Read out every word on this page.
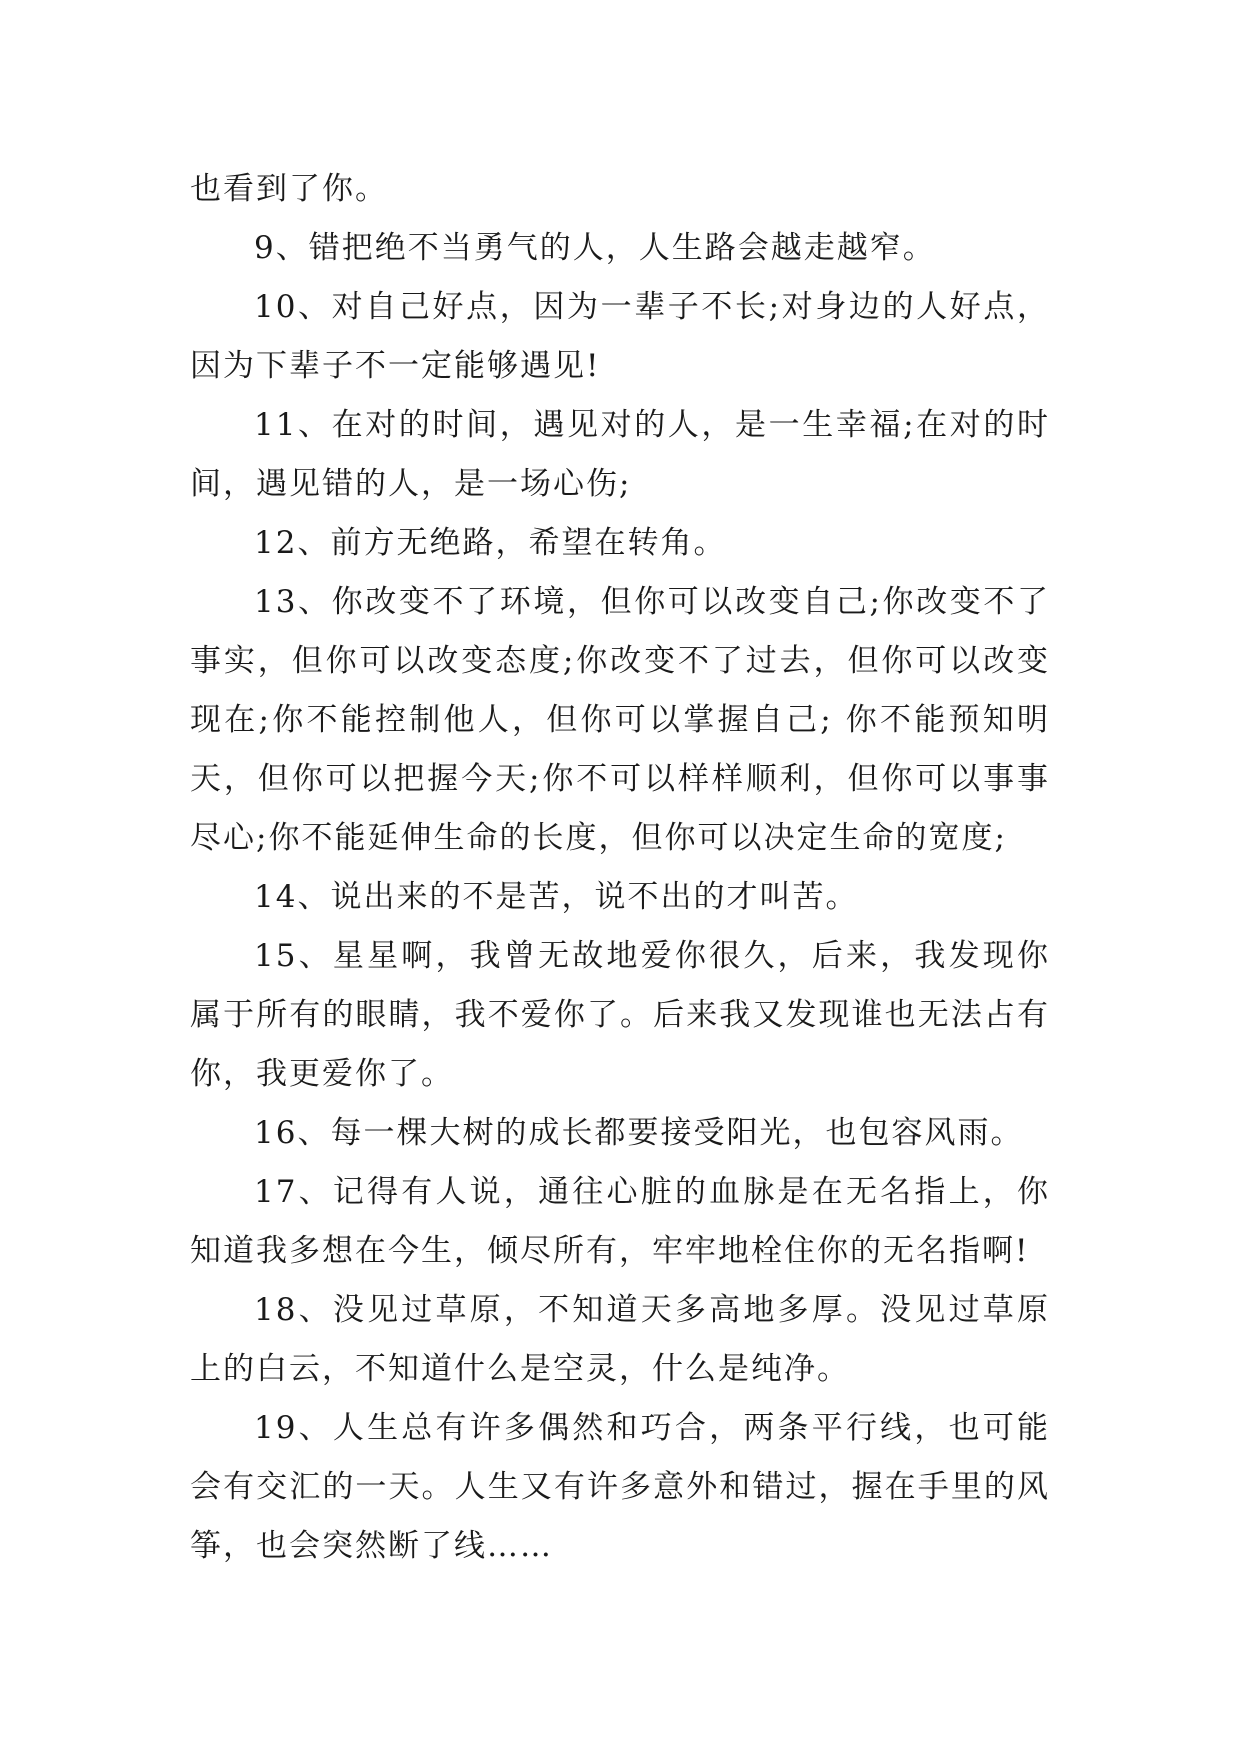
也看到了你。

9、错把绝不当勇气的人，人生路会越走越窄。

10、对自己好点，因为一辈子不长;对身边的人好点，因为下辈子不一定能够遇见!

11、在对的时间，遇见对的人，是一生幸福;在对的时间，遇见错的人，是一场心伤;

12、前方无绝路，希望在转角。

13、你改变不了环境，但你可以改变自己;你改变不了事实，但你可以改变态度;你改变不了过去，但你可以改变现在;你不能控制他人，但你可以掌握自己; 你不能预知明天，但你可以把握今天;你不可以样样顺利，但你可以事事尽心;你不能延伸生命的长度，但你可以决定生命的宽度;

14、说出来的不是苦，说不出的才叫苦。

15、星星啊，我曾无故地爱你很久，后来，我发现你属于所有的眼睛，我不爱你了。后来我又发现谁也无法占有你，我更爱你了。

16、每一棵大树的成长都要接受阳光，也包容风雨。

17、记得有人说，通往心脏的血脉是在无名指上，你知道我多想在今生，倾尽所有，牢牢地栓住你的无名指啊!

18、没见过草原，不知道天多高地多厚。没见过草原上的白云，不知道什么是空灵，什么是纯净。

19、人生总有许多偶然和巧合，两条平行线，也可能会有交汇的一天。人生又有许多意外和错过，握在手里的风筝，也会突然断了线……
